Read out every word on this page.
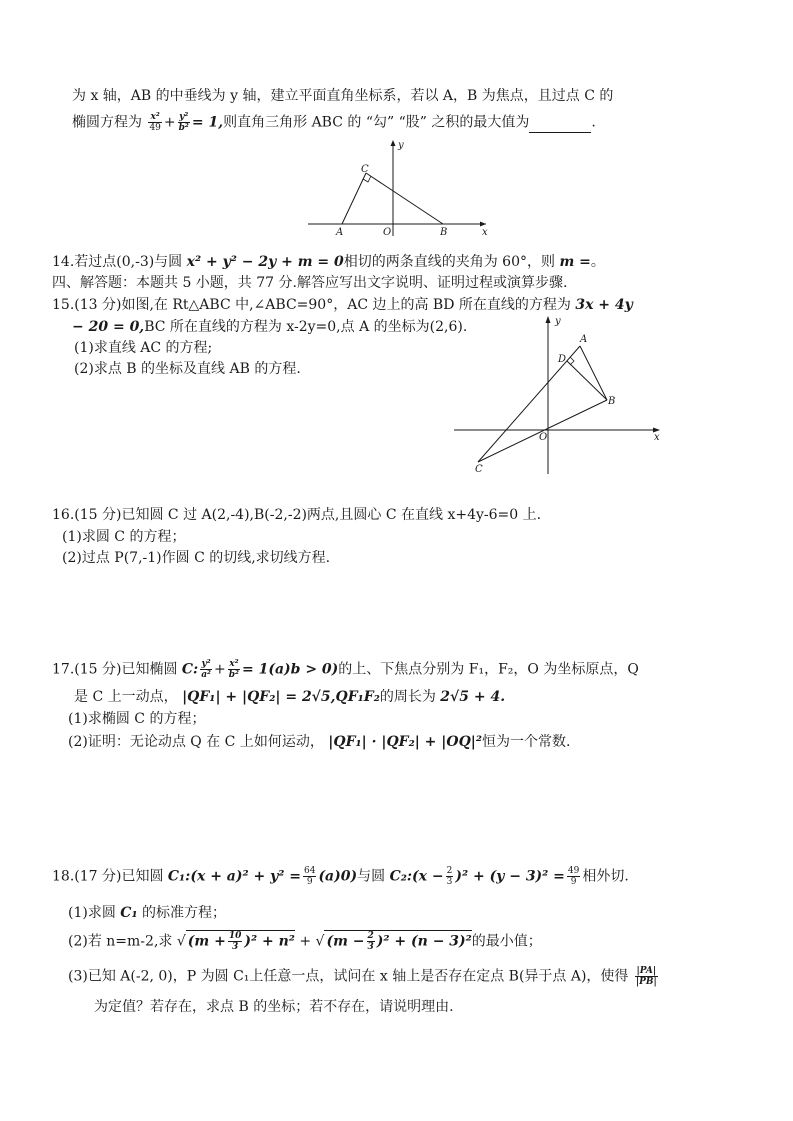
为 x 轴，AB 的中垂线为 y 轴，建立平面直角坐标系，若以 A，B 为焦点，且过点 C 的
椭圆方程为 $\frac{\text{x²}}{49} + \frac{\text{y²}}{\text{b²}} = 1$,则直角三角形 ABC 的 “勾” “股” 之积的最大值为	.
C
y
A	O	B	x
14.若过点(0,-3)与圆 x² + y² − 2y + m = 0相切的两条直线的夹角为 60°，则 m =。
四、解答题：本题共 5 小题，共 77 分.解答应写出文字说明、证明过程或演算步骤.
15.(13 分)如图,在 Rt△ABC 中,∠ABC=90°，AC 边上的高 BD 所在直线的方程为 3x + 4y
− 20 = 0,BC 所在直线的方程为 x-2y=0,点 A 的坐标为(2,6).
(1)求直线 AC 的方程;
(2)求点 B 的坐标及直线 AB 的方程.
y
A
D
B
O	x
C
16.(15 分)已知圆 C 过 A(2,-4),B(-2,-2)两点,且圆心 C 在直线 x+4y-6=0 上.
(1)求圆 C 的方程；
(2)过点 P(7,-1)作圆 C 的切线,求切线方程.
17.(15 分)已知椭圆 C: $\frac{\text{y²}}{\text{a²}} + \frac{\text{x²}}{\text{b²}} = 1(a)b > 0$)的上、下焦点分别为 F₁，F₂，O 为坐标原点，Q
是 C 上一动点， |QF₁| + |QF₂| = 2√5,QF₁F₂的周长为 2√5 + 4.
(1)求椭圆 C 的方程；
(2)证明：无论动点 Q 在 C 上如何运动， |QF₁| · |QF₂| + |OQ|²恒为一个常数.
18.(17 分)已知圆 C₁:(x + $a)^2 + y^2 = \frac{64}{9} (a)0$)与圆 C₂:(x − $\frac{2}{3} )^2 + (y - 3)^2 = \frac{49}{9}$ 相外切.
(1)求圆 C₁ 的标准方程；
(2)若 n=m-2,求 √ $(m + \frac{10}{3} )^2 + n^2$ + √ $(m - \frac{2}{3} )^2 + (n - 3)^2$的最小值；
(3)已知 A(-2, 0)，P 为圆 C₁上任意一点，试问在 x 轴上是否存在定点 B(异于点 A)，使得 $\frac{|PA|}{|PB|}$
为定值？若存在，求点 B 的坐标；若不存在，请说明理由.
